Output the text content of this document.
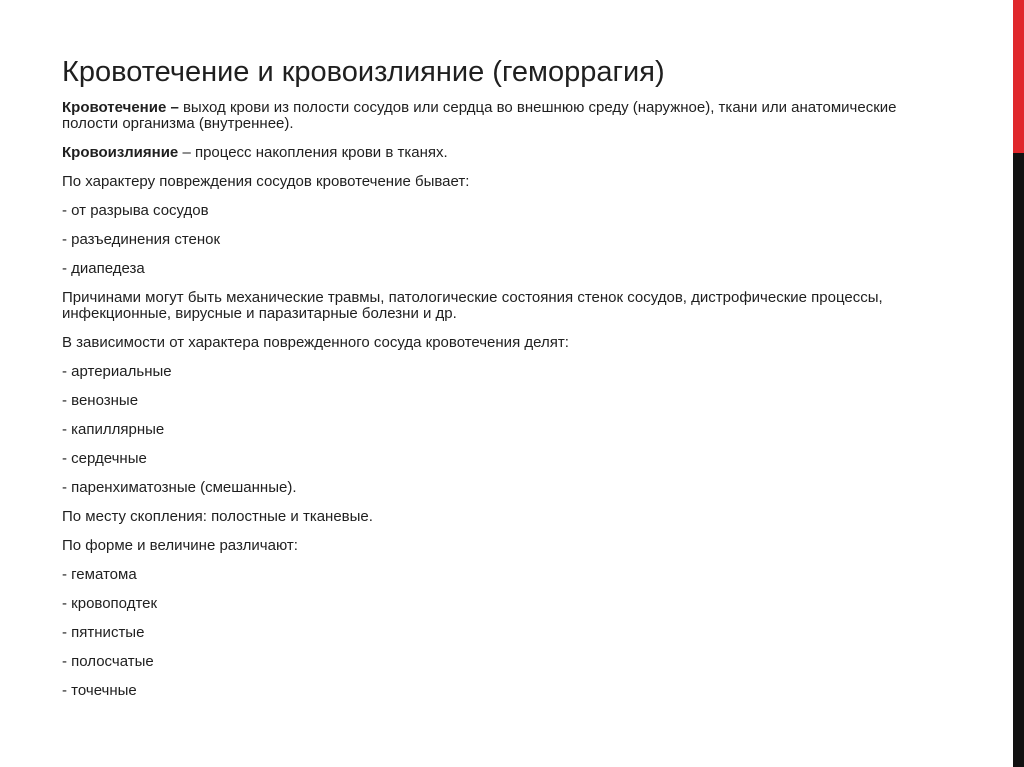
Кровотечение и кровоизлияние (геморрагия)

Кровотечение – выход крови из полости сосудов или сердца во внешнюю среду (наружное), ткани или анатомические полости организма (внутреннее).

Кровоизлияние – процесс накопления крови в тканях.

По характеру повреждения сосудов кровотечение бывает:

- от разрыва сосудов

- разъединения стенок

- диапедеза

Причинами могут быть механические травмы, патологические состояния стенок сосудов, дистрофические процессы, инфекционные, вирусные и паразитарные болезни и др.

В зависимости от характера поврежденного сосуда кровотечения делят:

- артериальные

- венозные

- капиллярные

- сердечные

- паренхиматозные (смешанные).

По месту скопления: полостные и тканевые.

По форме и величине различают:

- гематома

- кровоподтек

- пятнистые

- полосчатые

- точечные
